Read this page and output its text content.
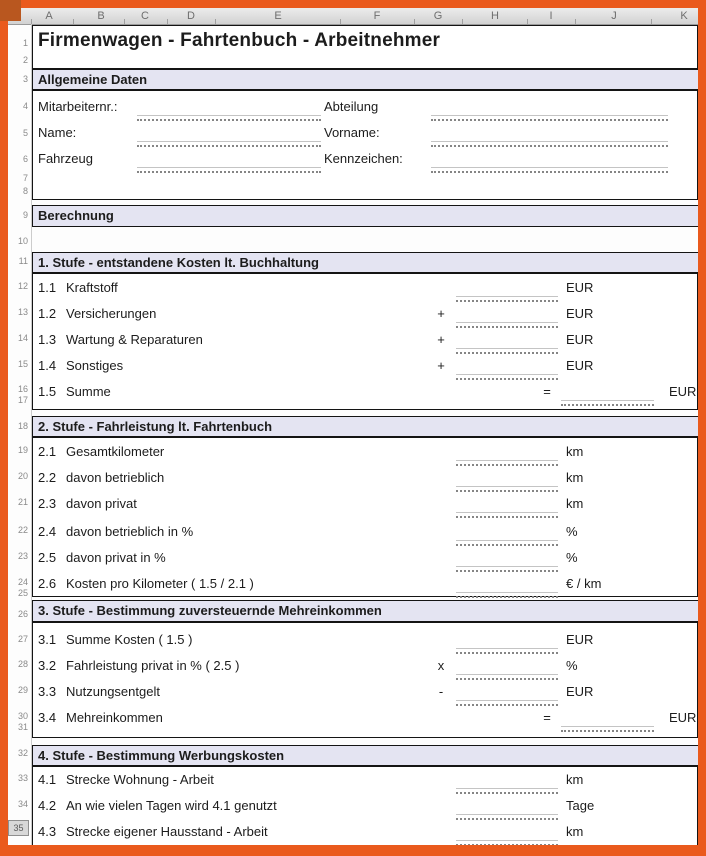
A	B	C	D	E	F	G	H	I	J	K
1
2
3
4
5
6
7
8
9
10
11
12
13
14
15
16
17
18
19
20
21
22
23
24
25
26
27
28
29
30
31
32
33
34
35
Firmenwagen - Fahrtenbuch - Arbeitnehmer
Allgemeine Daten
Mitarbeiternr.:	Abteilung
Name:	Vorname:
Fahrzeug	Kennzeichen:
Berechnung
1. Stufe - entstandene Kosten lt. Buchhaltung
1.1 Kraftstoff	EUR
1.2 Versicherungen	+	EUR
1.3 Wartung & Reparaturen	+	EUR
1.4 Sonstiges	+	EUR
1.5 Summe	=	EUR
2. Stufe - Fahrleistung lt. Fahrtenbuch
2.1 Gesamtkilometer	km
2.2 davon betrieblich	km
2.3 davon privat	km
2.4 davon betrieblich in %	%
2.5 davon privat in %	%
2.6 Kosten pro Kilometer ( 1.5 / 2.1 )	€ / km
3. Stufe - Bestimmung zuversteuernde Mehreinkommen
3.1 Summe Kosten ( 1.5 )	EUR
3.2 Fahrleistung privat in % ( 2.5 )	x	%
3.3 Nutzungsentgelt	-	EUR
3.4 Mehreinkommen	=	EUR
4. Stufe - Bestimmung Werbungskosten
4.1 Strecke Wohnung - Arbeit	km
4.2 An wie vielen Tagen wird 4.1 genutzt	Tage
4.3 Strecke eigener Hausstand - Arbeit	km
